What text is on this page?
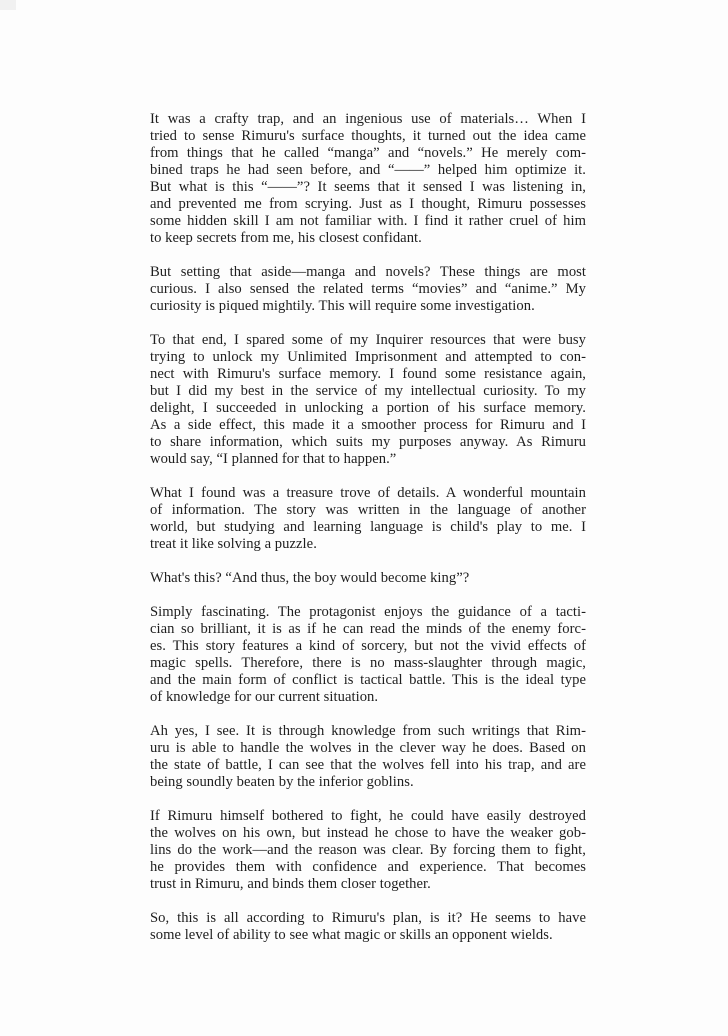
It was a crafty trap, and an ingenious use of materials… When I
tried to sense Rimuru's surface thoughts, it turned out the idea came
from things that he called “manga” and “novels.” He merely com-
bined traps he had seen before, and “——” helped him optimize it.
But what is this “——”? It seems that it sensed I was listening in,
and prevented me from scrying. Just as I thought, Rimuru possesses
some hidden skill I am not familiar with. I find it rather cruel of him
to keep secrets from me, his closest confidant.
But setting that aside—manga and novels? These things are most
curious. I also sensed the related terms “movies” and “anime.” My
curiosity is piqued mightily. This will require some investigation.
To that end, I spared some of my Inquirer resources that were busy
trying to unlock my Unlimited Imprisonment and attempted to con-
nect with Rimuru's surface memory. I found some resistance again,
but I did my best in the service of my intellectual curiosity. To my
delight, I succeeded in unlocking a portion of his surface memory.
As a side effect, this made it a smoother process for Rimuru and I
to share information, which suits my purposes anyway. As Rimuru
would say, “I planned for that to happen.”
What I found was a treasure trove of details. A wonderful mountain
of information. The story was written in the language of another
world, but studying and learning language is child's play to me. I
treat it like solving a puzzle.
What's this? “And thus, the boy would become king”?
Simply fascinating. The protagonist enjoys the guidance of a tacti-
cian so brilliant, it is as if he can read the minds of the enemy forc-
es. This story features a kind of sorcery, but not the vivid effects of
magic spells. Therefore, there is no mass-slaughter through magic,
and the main form of conflict is tactical battle. This is the ideal type
of knowledge for our current situation.
Ah yes, I see. It is through knowledge from such writings that Rim-
uru is able to handle the wolves in the clever way he does. Based on
the state of battle, I can see that the wolves fell into his trap, and are
being soundly beaten by the inferior goblins.
If Rimuru himself bothered to fight, he could have easily destroyed
the wolves on his own, but instead he chose to have the weaker gob-
lins do the work—and the reason was clear. By forcing them to fight,
he provides them with confidence and experience. That becomes
trust in Rimuru, and binds them closer together.
So, this is all according to Rimuru's plan, is it? He seems to have
some level of ability to see what magic or skills an opponent wields.
